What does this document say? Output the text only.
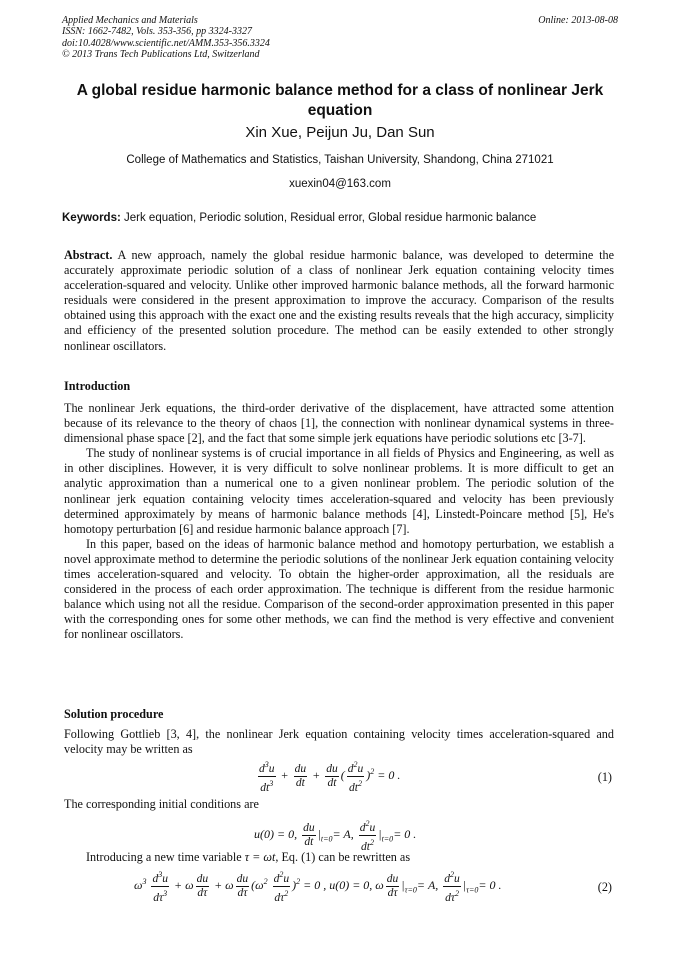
Applied Mechanics and Materials
ISSN: 1662-7482, Vols. 353-356, pp 3324-3327
doi:10.4028/www.scientific.net/AMM.353-356.3324
© 2013 Trans Tech Publications Ltd, Switzerland
Online: 2013-08-08
A global residue harmonic balance method for a class of nonlinear Jerk equation
Xin Xue, Peijun Ju, Dan Sun
College of Mathematics and Statistics, Taishan University, Shandong, China 271021
xuexin04@163.com
Keywords: Jerk equation, Periodic solution, Residual error, Global residue harmonic balance
Abstract. A new approach, namely the global residue harmonic balance, was developed to determine the accurately approximate periodic solution of a class of nonlinear Jerk equation containing velocity times acceleration-squared and velocity. Unlike other improved harmonic balance methods, all the forward harmonic residuals were considered in the present approximation to improve the accuracy. Comparison of the results obtained using this approach with the exact one and the existing results reveals that the high accuracy, simplicity and efficiency of the presented solution procedure. The method can be easily extended to other strongly nonlinear oscillators.
Introduction
The nonlinear Jerk equations, the third-order derivative of the displacement, have attracted some attention because of its relevance to the theory of chaos [1], the connection with nonlinear dynamical systems in three-dimensional phase space [2], and the fact that some simple jerk equations have periodic solutions etc [3-7].
The study of nonlinear systems is of crucial importance in all fields of Physics and Engineering, as well as in other disciplines. However, it is very difficult to solve nonlinear problems. It is more difficult to get an analytic approximation than a numerical one to a given nonlinear problem. The periodic solution of the nonlinear jerk equation containing velocity times acceleration-squared and velocity has been previously determined approximately by means of harmonic balance methods [4], Linstedt-Poincare method [5], He's homotopy perturbation [6] and residue harmonic balance approach [7].
In this paper, based on the ideas of harmonic balance method and homotopy perturbation, we establish a novel approximate method to determine the periodic solutions of the nonlinear Jerk equation containing velocity times acceleration-squared and velocity. To obtain the higher-order approximation, all the residuals are considered in the process of each order approximation. The technique is different from the residue harmonic balance which using not all the residue. Comparison of the second-order approximation presented in this paper with the corresponding ones for some other methods, we can find the method is very effective and convenient for nonlinear oscillators.
Solution procedure
Following Gottlieb [3, 4], the nonlinear Jerk equation containing velocity times acceleration-squared and velocity may be written as
$\frac{d^3u}{dt^3} + \frac{du}{dt} + \frac{du}{dt}$ ( $\frac{d^2u}{dt^2} )^2 = 0$ .	(1)
The corresponding initial conditions are
u(0) = 0, $\frac{du}{dt} |_{t=0}= A$, $\frac{d^2u}{dt^2} |_{t=0}= 0$ .
Introducing a new time variable τ = ωt, Eq. (1) can be rewritten as
$\omega^3 \frac{d^3u}{d\tau^3} + \omega \frac{du}{d\tau} + \omega \frac{du}{d\tau} (\omega^2 \frac{d^2u}{d\tau^2} )^2 = 0$ , u(0) = 0, ω $\frac{du}{d\tau} |_{\tau=0}= A$, $\frac{d^2u}{d\tau^2} |_{\tau=0}= 0$ .	(2)
